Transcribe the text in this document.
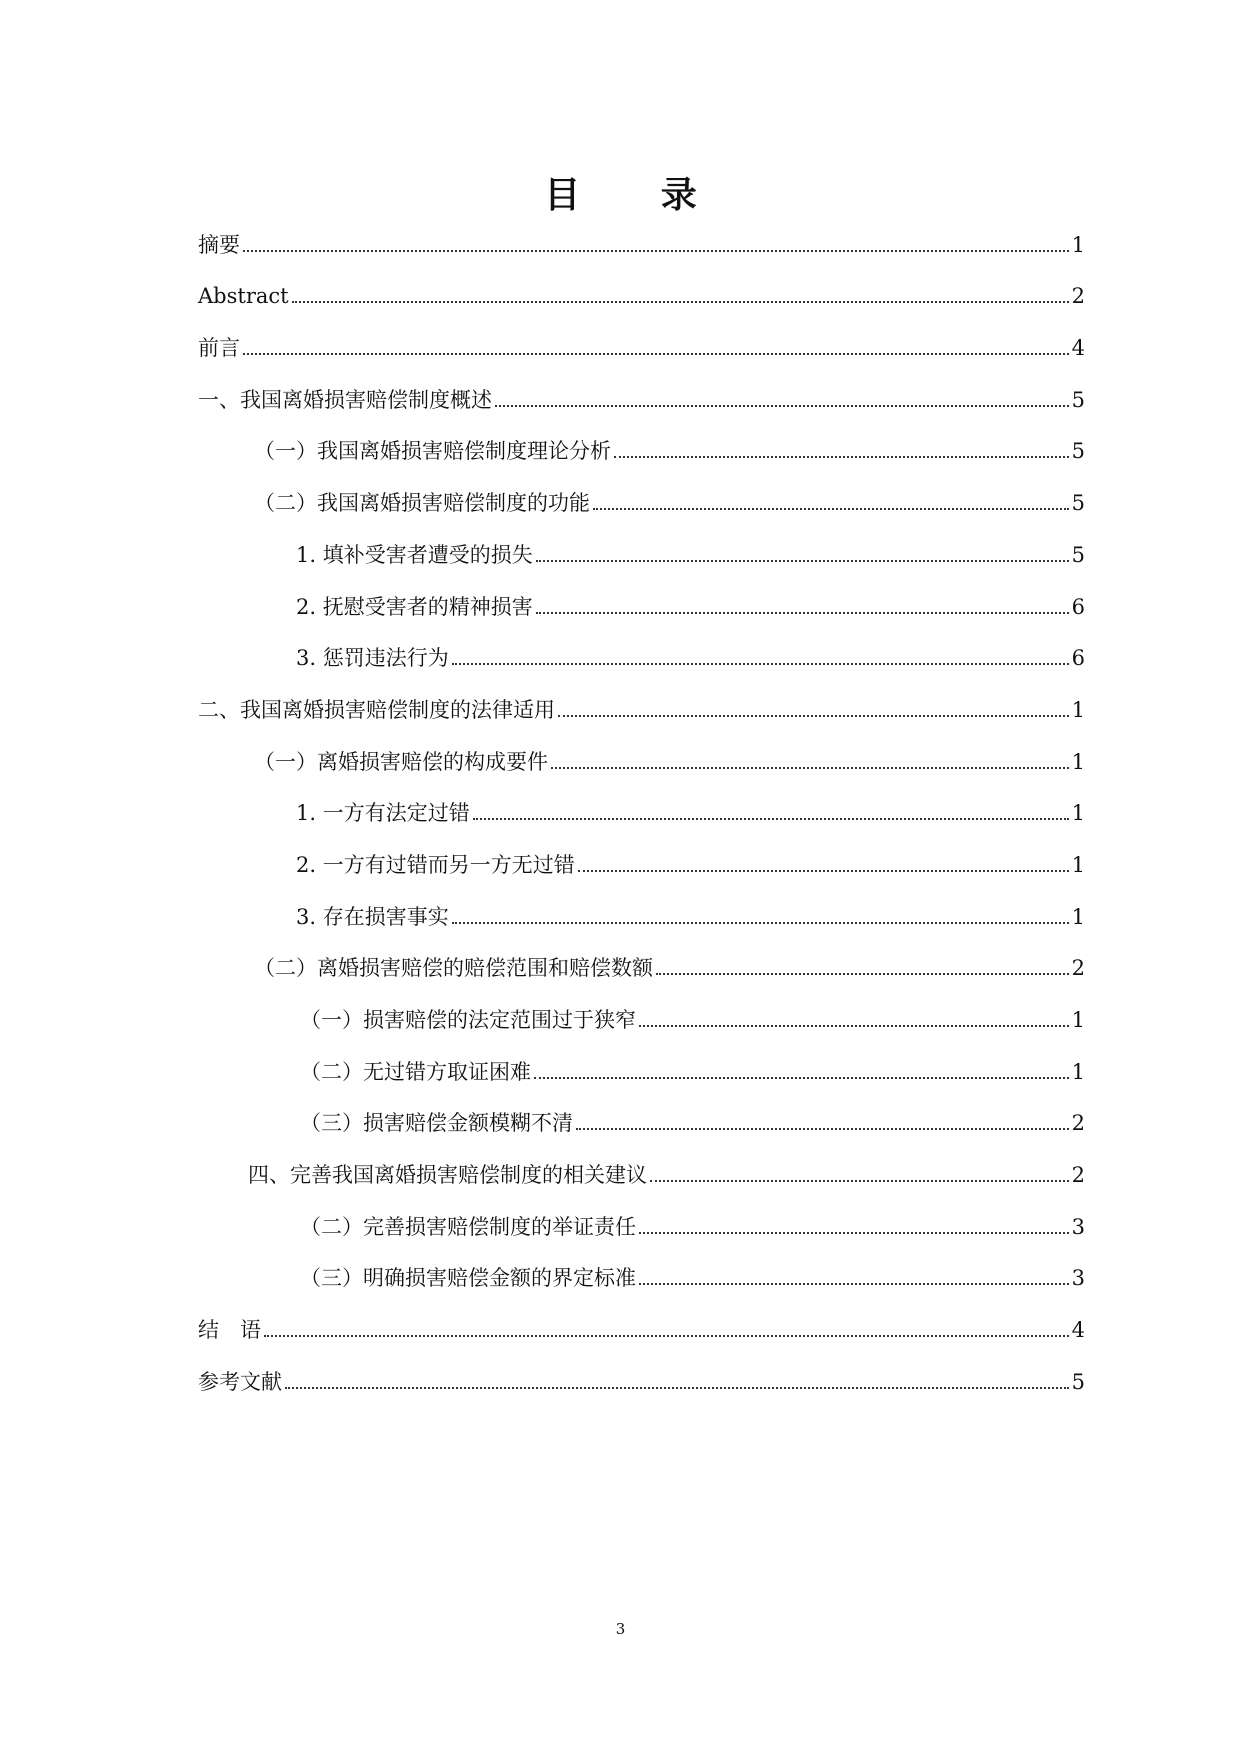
目 录
摘要	1
Abstract	2
前言	4
一、我国离婚损害赔偿制度概述	5
（一）我国离婚损害赔偿制度理论分析	5
（二）我国离婚损害赔偿制度的功能	5
1. 填补受害者遭受的损失	5
2. 抚慰受害者的精神损害	6
3. 惩罚违法行为	6
二、我国离婚损害赔偿制度的法律适用	1
（一）离婚损害赔偿的构成要件	1
1. 一方有法定过错	1
2. 一方有过错而另一方无过错	1
3. 存在损害事实	1
（二）离婚损害赔偿的赔偿范围和赔偿数额	2
（一）损害赔偿的法定范围过于狭窄	1
（二）无过错方取证困难	1
（三）损害赔偿金额模糊不清	2
四、完善我国离婚损害赔偿制度的相关建议	2
（二）完善损害赔偿制度的举证责任	3
（三）明确损害赔偿金额的界定标准	3
结　语	4
参考文献	5

3
